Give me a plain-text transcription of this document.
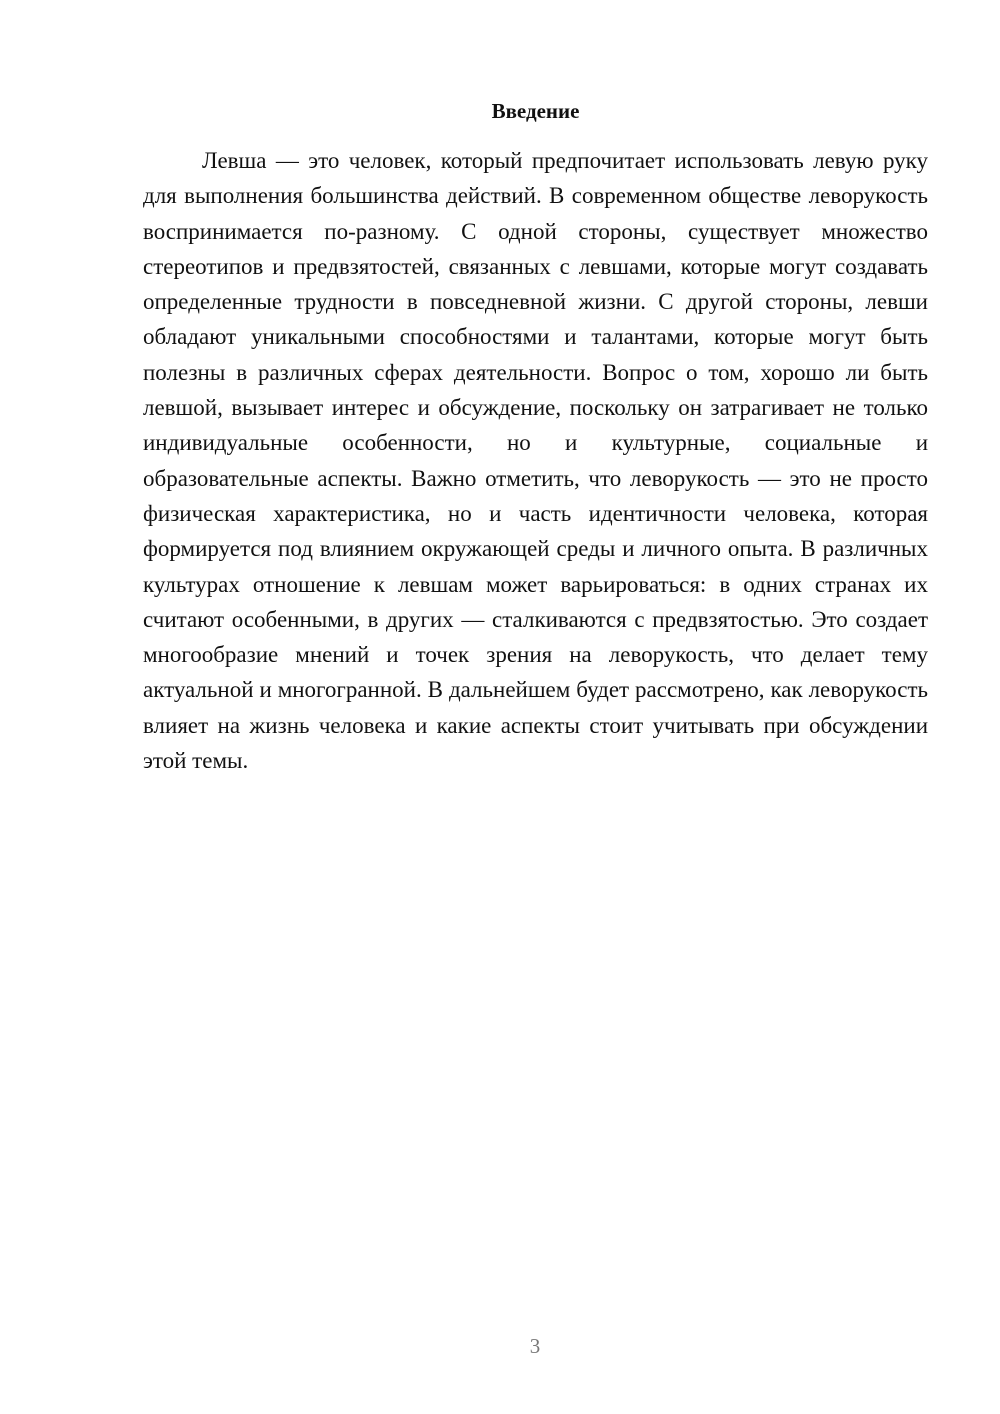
Введение

Левша — это человек, который предпочитает использовать левую руку для выполнения большинства действий. В современном обществе леворукость воспринимается по-разному. С одной стороны, существует множество стереотипов и предвзятостей, связанных с левшами, которые могут создавать определенные трудности в повседневной жизни. С другой стороны, левши обладают уникальными способностями и талантами, которые могут быть полезны в различных сферах деятельности. Вопрос о том, хорошо ли быть левшой, вызывает интерес и обсуждение, поскольку он затрагивает не только индивидуальные особенности, но и культурные, социальные и образовательные аспекты. Важно отметить, что леворукость — это не просто физическая характеристика, но и часть идентичности человека, которая формируется под влиянием окружающей среды и личного опыта. В различных культурах отношение к левшам может варьироваться: в одних странах их считают особенными, в других — сталкиваются с предвзятостью. Это создает многообразие мнений и точек зрения на леворукость, что делает тему актуальной и многогранной. В дальнейшем будет рассмотрено, как леворукость влияет на жизнь человека и какие аспекты стоит учитывать при обсуждении этой темы.

3
